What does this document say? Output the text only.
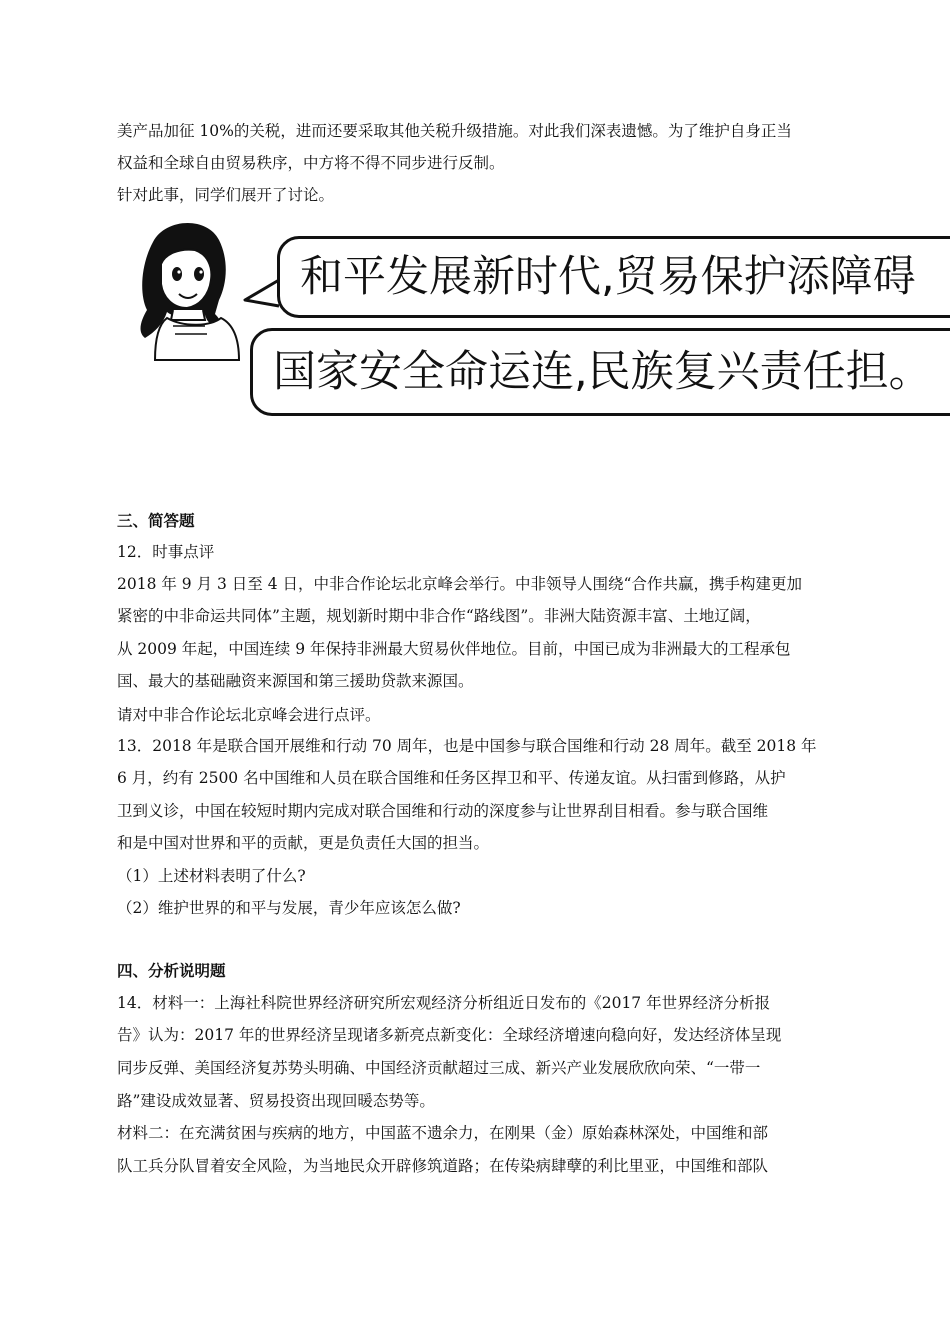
美产品加征 10%的关税，进而还要采取其他关税升级措施。对此我们深表遗憾。为了维护自身正当
权益和全球自由贸易秩序，中方将不得不同步进行反制。
针对此事，同学们展开了讨论。
和平发展新时代,贸易保护添障碍
国家安全命运连,民族复兴责任担。
三、简答题
12．时事点评
2018 年 9 月 3 日至 4 日，中非合作论坛北京峰会举行。中非领导人围绕“合作共赢，携手构建更加
紧密的中非命运共同体”主题，规划新时期中非合作“路线图”。非洲大陆资源丰富、土地辽阔，
从 2009 年起，中国连续 9 年保持非洲最大贸易伙伴地位。目前，中国已成为非洲最大的工程承包
国、最大的基础融资来源国和第三援助贷款来源国。
请对中非合作论坛北京峰会进行点评。
13．2018 年是联合国开展维和行动 70 周年，也是中国参与联合国维和行动 28 周年。截至 2018 年
6 月，约有 2500 名中国维和人员在联合国维和任务区捍卫和平、传递友谊。从扫雷到修路，从护
卫到义诊，中国在较短时期内完成对联合国维和行动的深度参与让世界刮目相看。参与联合国维
和是中国对世界和平的贡献，更是负责任大国的担当。
（1）上述材料表明了什么?
（2）维护世界的和平与发展，青少年应该怎么做?
四、分析说明题
14．材料一：上海社科院世界经济研究所宏观经济分析组近日发布的《2017 年世界经济分析报
告》认为：2017 年的世界经济呈现诸多新亮点新变化：全球经济增速向稳向好，发达经济体呈现
同步反弹、美国经济复苏势头明确、中国经济贡献超过三成、新兴产业发展欣欣向荣、“一带一
路”建设成效显著、贸易投资出现回暖态势等。
材料二：在充满贫困与疾病的地方，中国蓝不遗余力，在刚果（金）原始森林深处，中国维和部
队工兵分队冒着安全风险，为当地民众开辟修筑道路；在传染病肆孽的利比里亚，中国维和部队
